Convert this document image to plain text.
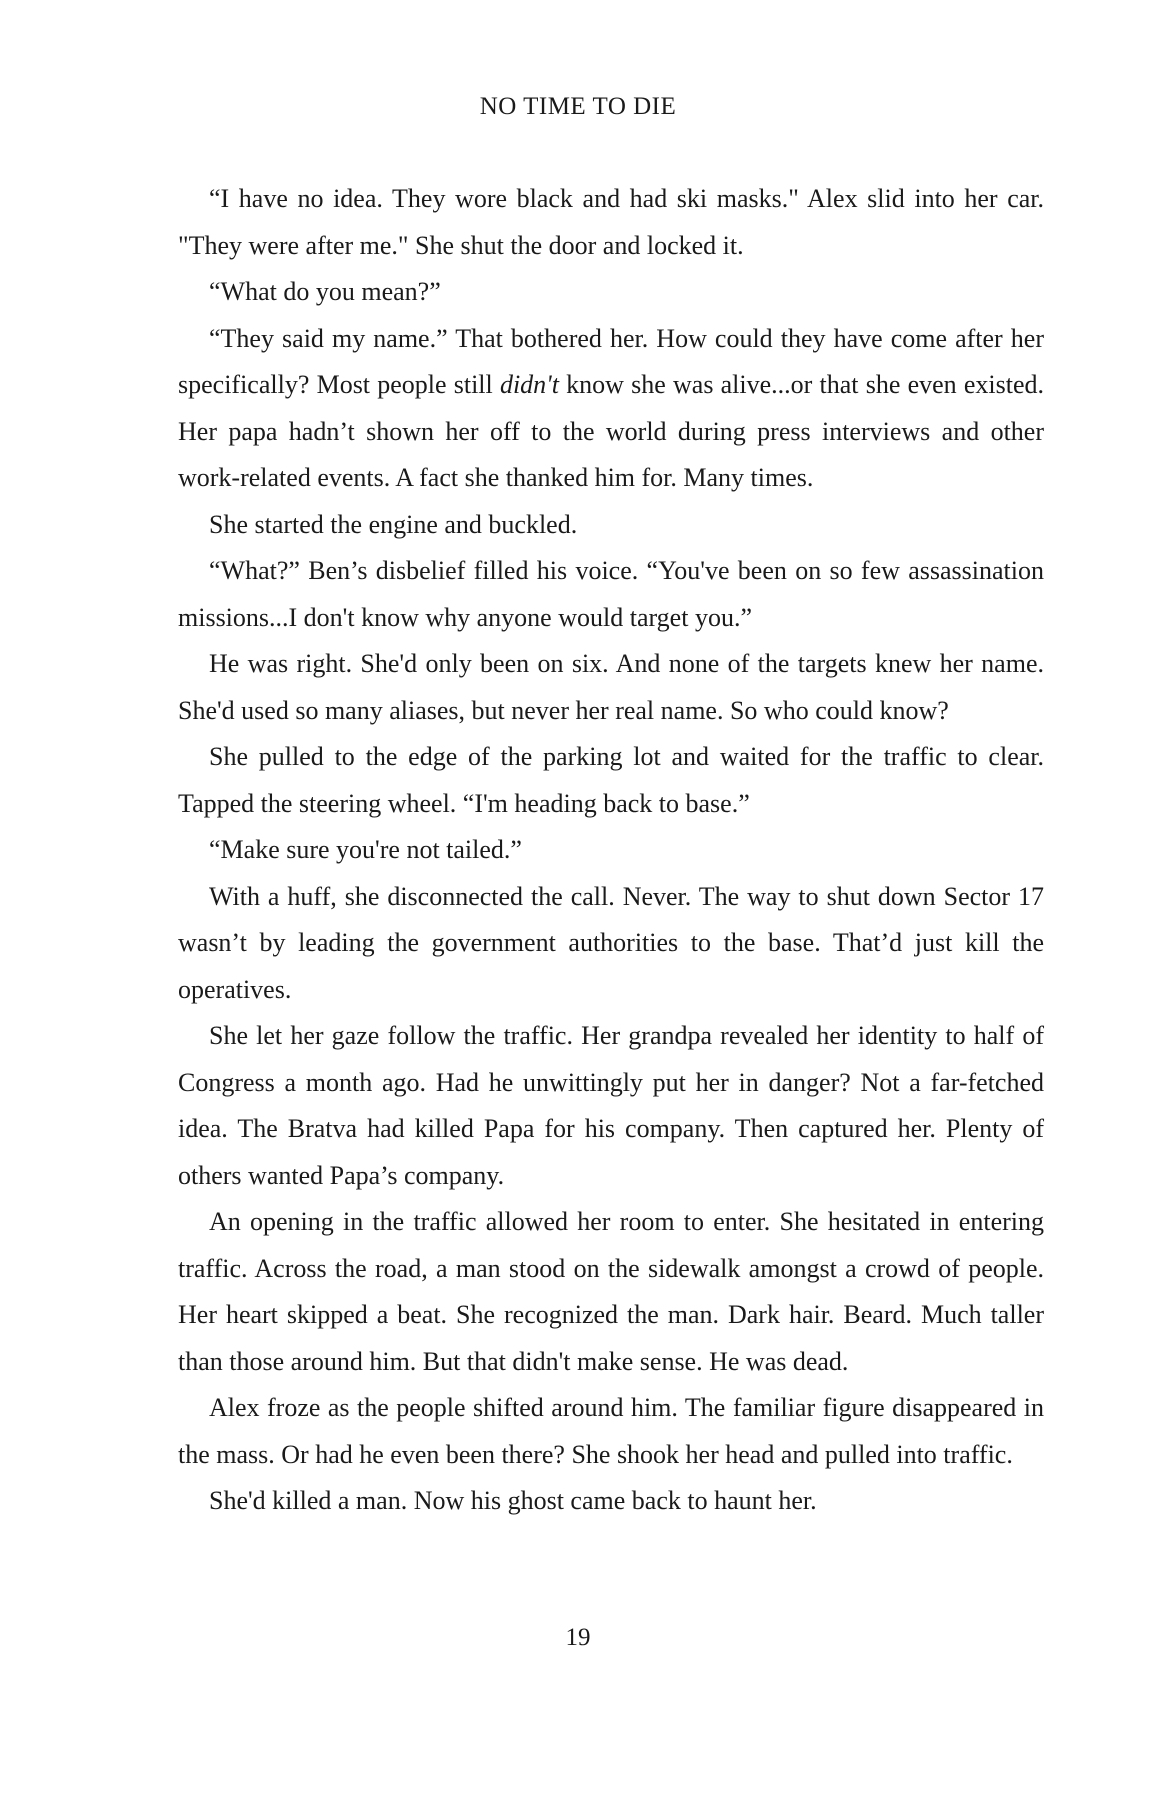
NO TIME TO DIE

“I have no idea. They wore black and had ski masks." Alex slid into her car. "They were after me." She shut the door and locked it.

“What do you mean?”

“They said my name.” That bothered her. How could they have come after her specifically? Most people still didn't know she was alive...or that she even existed. Her papa hadn’t shown her off to the world during press interviews and other work-related events. A fact she thanked him for. Many times.

She started the engine and buckled.

“What?” Ben’s disbelief filled his voice. “You've been on so few assassination missions...I don't know why anyone would target you.”

He was right. She'd only been on six. And none of the targets knew her name. She'd used so many aliases, but never her real name. So who could know?

She pulled to the edge of the parking lot and waited for the traffic to clear. Tapped the steering wheel. “I'm heading back to base.”

“Make sure you're not tailed.”

With a huff, she disconnected the call. Never. The way to shut down Sector 17 wasn’t by leading the government authorities to the base. That’d just kill the operatives.

She let her gaze follow the traffic. Her grandpa revealed her identity to half of Congress a month ago. Had he unwittingly put her in danger? Not a far-fetched idea. The Bratva had killed Papa for his company. Then captured her. Plenty of others wanted Papa’s company.

An opening in the traffic allowed her room to enter. She hesitated in entering traffic. Across the road, a man stood on the sidewalk amongst a crowd of people. Her heart skipped a beat. She recognized the man. Dark hair. Beard. Much taller than those around him. But that didn't make sense. He was dead.

Alex froze as the people shifted around him. The familiar figure disappeared in the mass. Or had he even been there? She shook her head and pulled into traffic.

She'd killed a man. Now his ghost came back to haunt her.

19
